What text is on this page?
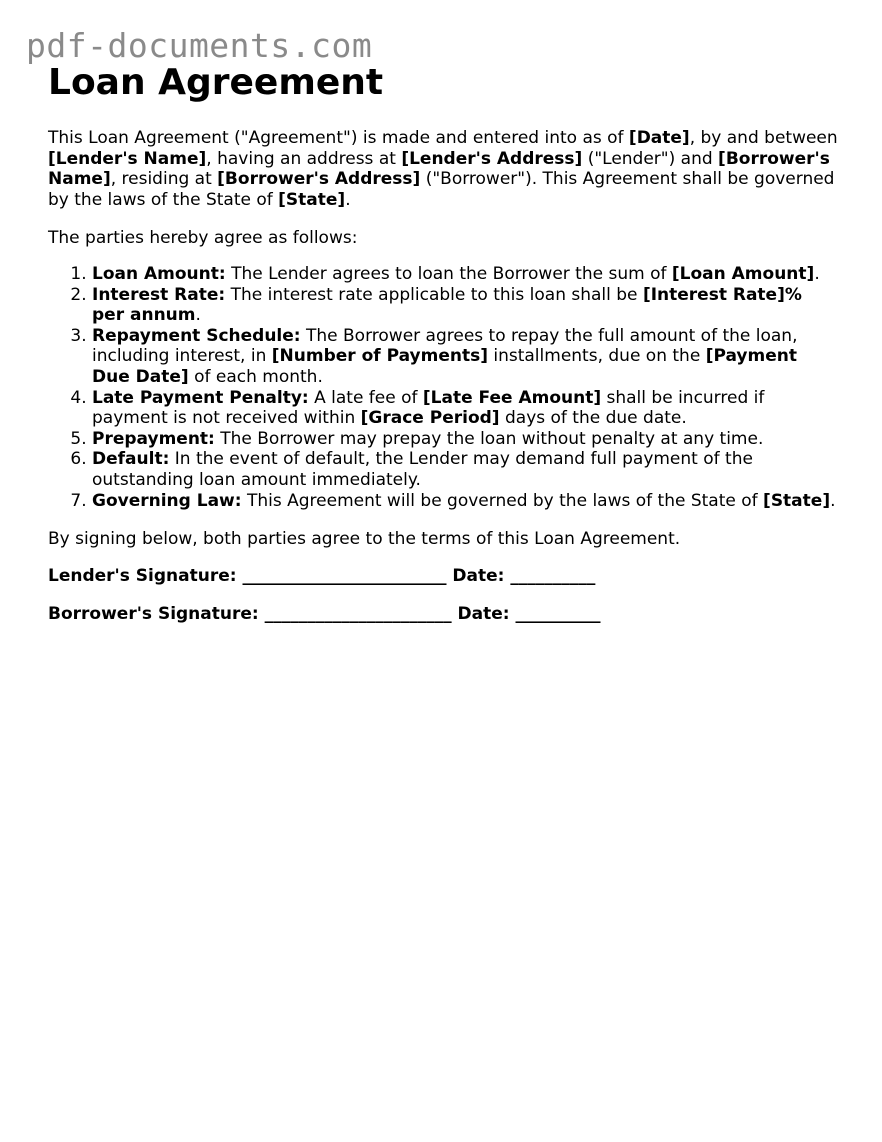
pdf-documents.com
Loan Agreement

This Loan Agreement ("Agreement") is made and entered into as of [Date], by and between [Lender's Name], having an address at [Lender's Address] ("Lender") and [Borrower's Name], residing at [Borrower's Address] ("Borrower"). This Agreement shall be governed by the laws of the State of [State].

The parties hereby agree as follows:

1. Loan Amount: The Lender agrees to loan the Borrower the sum of [Loan Amount].
2. Interest Rate: The interest rate applicable to this loan shall be [Interest Rate]% per annum.
3. Repayment Schedule: The Borrower agrees to repay the full amount of the loan, including interest, in [Number of Payments] installments, due on the [Payment Due Date] of each month.
4. Late Payment Penalty: A late fee of [Late Fee Amount] shall be incurred if payment is not received within [Grace Period] days of the due date.
5. Prepayment: The Borrower may prepay the loan without penalty at any time.
6. Default: In the event of default, the Lender may demand full payment of the outstanding loan amount immediately.
7. Governing Law: This Agreement will be governed by the laws of the State of [State].

By signing below, both parties agree to the terms of this Loan Agreement.

Lender's Signature: ________________________ Date: __________

Borrower's Signature: ______________________ Date: __________
